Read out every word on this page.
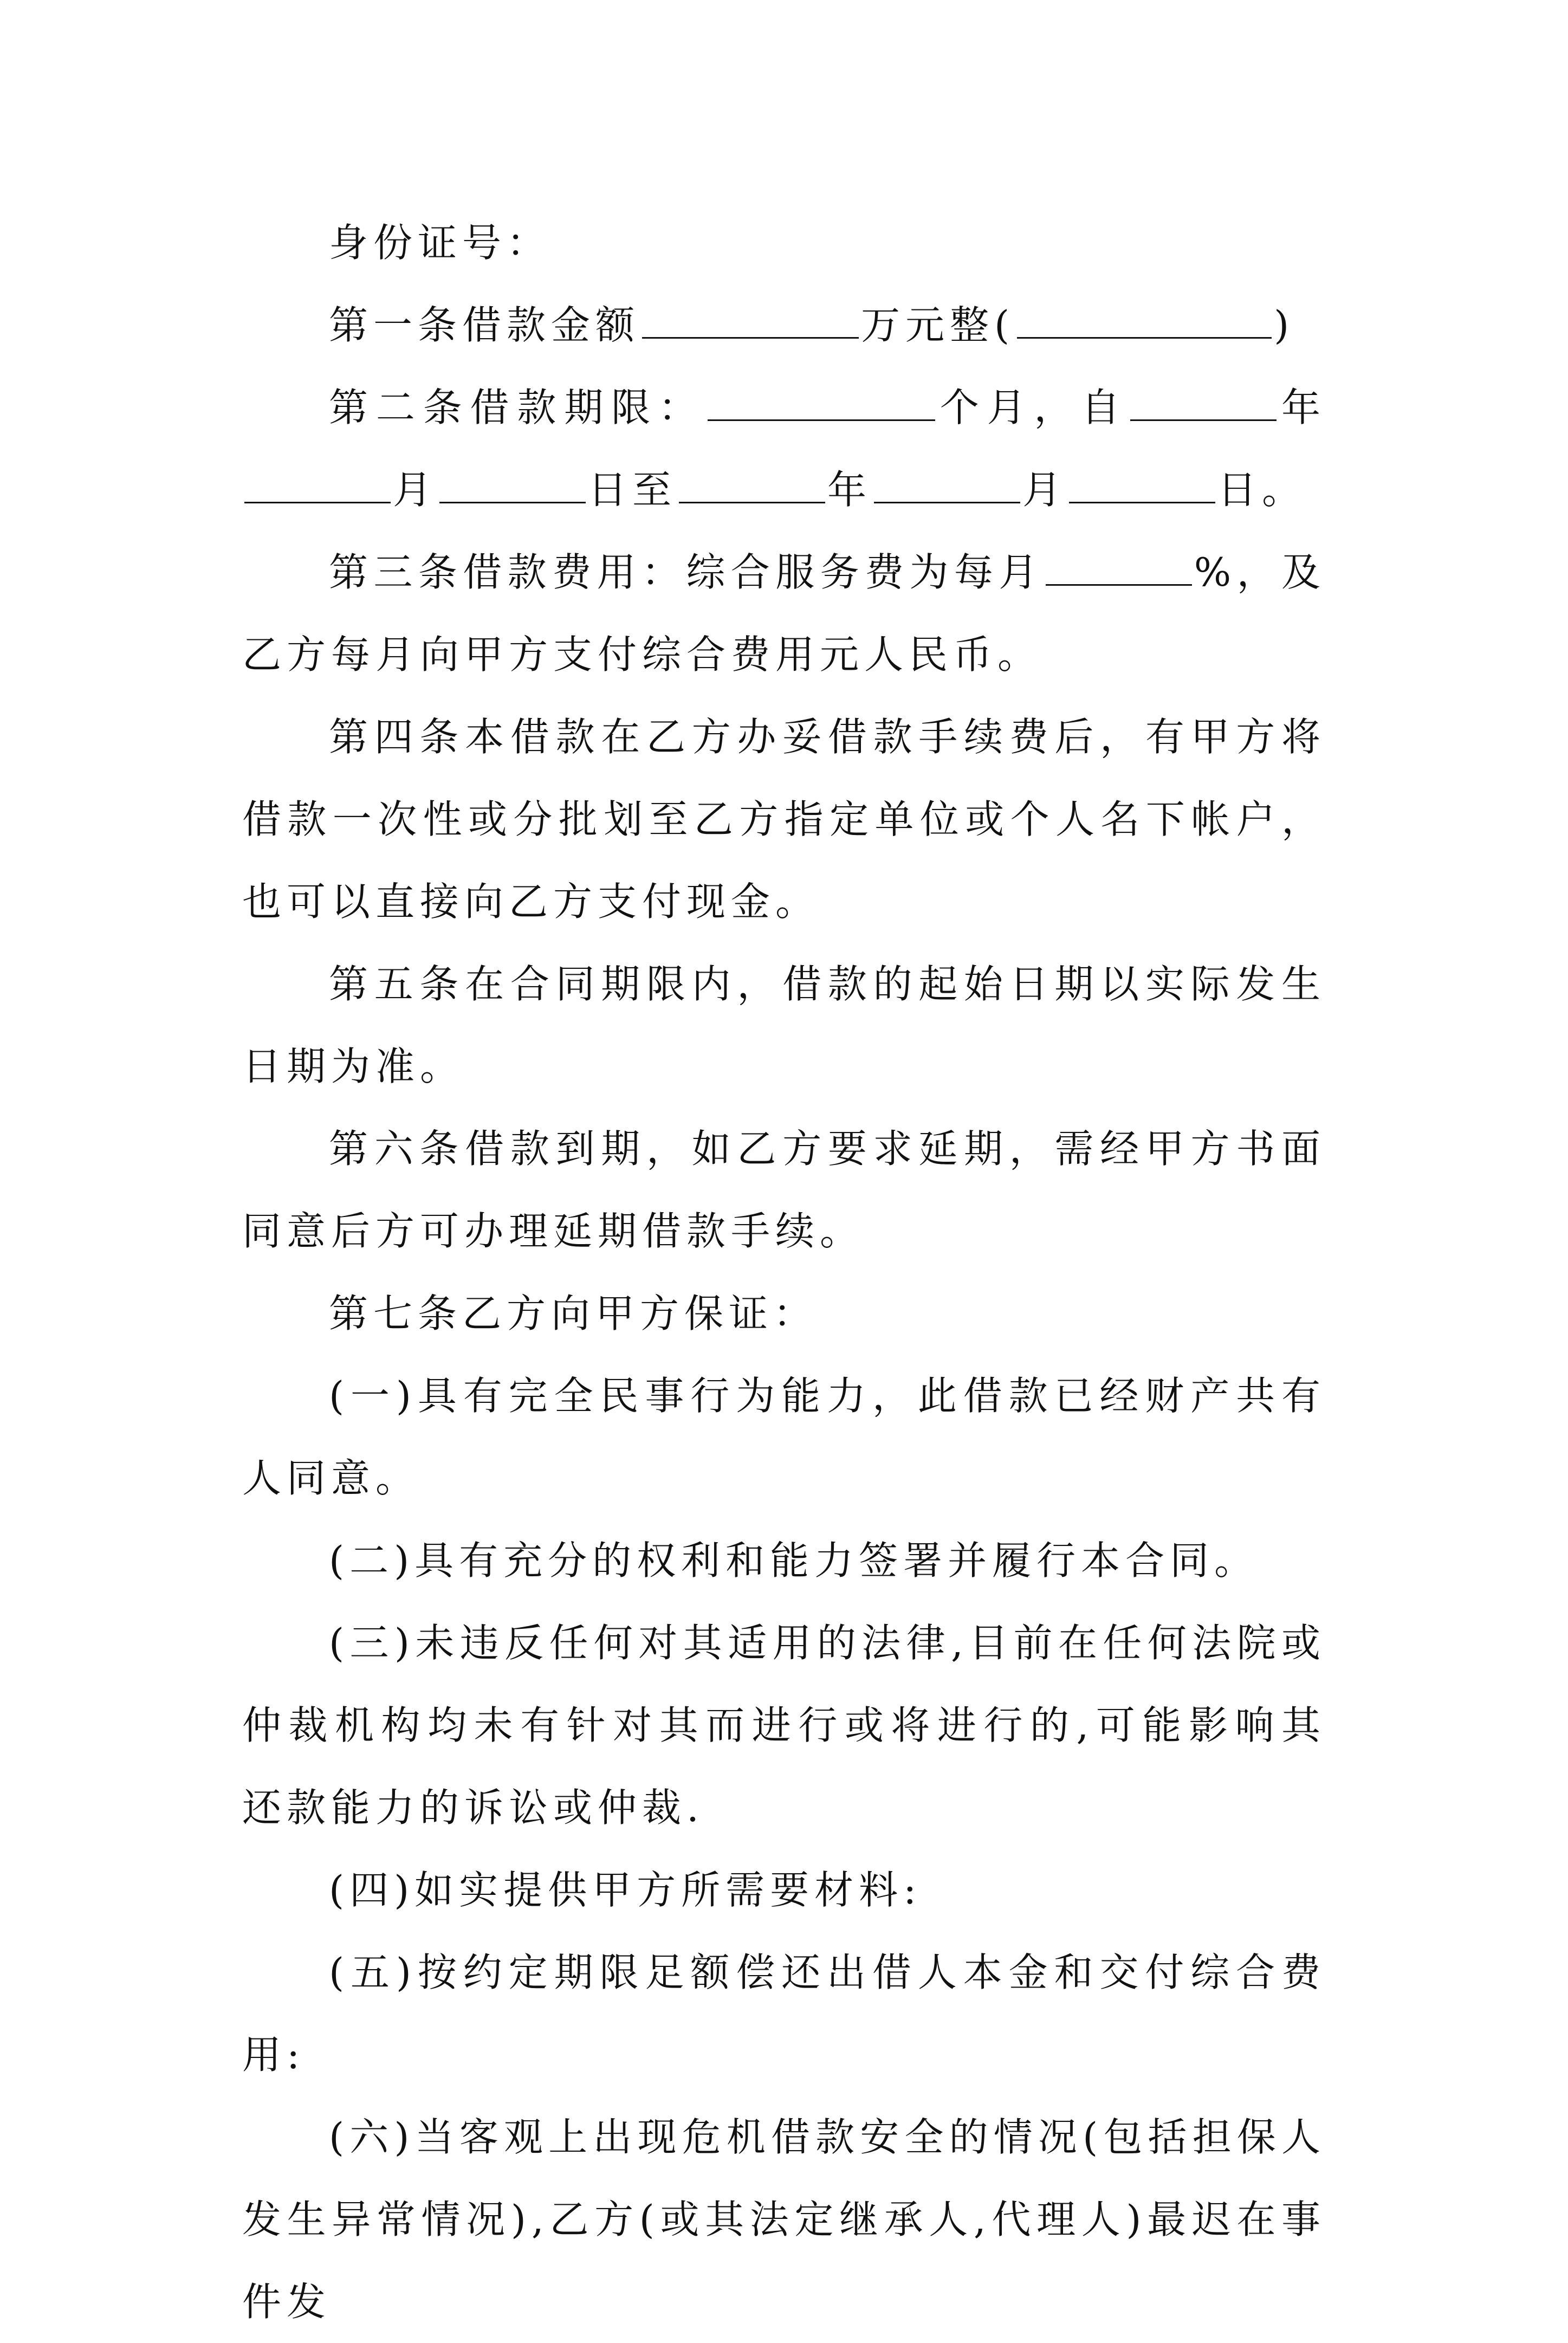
身份证号：

第一条借款金额	万元整(	)

第二条借款期限：	个月，自	年月	日至	年	月	日。

第三条借款费用：综合服务费为每月	%，及乙方每月向甲方支付综合费用元人民币。

第四条本借款在乙方办妥借款手续费后，有甲方将借款一次性或分批划至乙方指定单位或个人名下帐户，也可以直接向乙方支付现金。

第五条在合同期限内，借款的起始日期以实际发生日期为准。

第六条借款到期，如乙方要求延期，需经甲方书面同意后方可办理延期借款手续。

第七条乙方向甲方保证：

(一)具有完全民事行为能力，此借款已经财产共有人同意。

(二)具有充分的权利和能力签署并履行本合同。

(三)未违反任何对其适用的法律,目前在任何法院或仲裁机构均未有针对其而进行或将进行的,可能影响其还款能力的诉讼或仲裁.

(四)如实提供甲方所需要材料:

(五)按约定期限足额偿还出借人本金和交付综合费用:

(六)当客观上出现危机借款安全的情况(包括担保人发生异常情况),乙方(或其法定继承人,代理人)最迟在事件发
